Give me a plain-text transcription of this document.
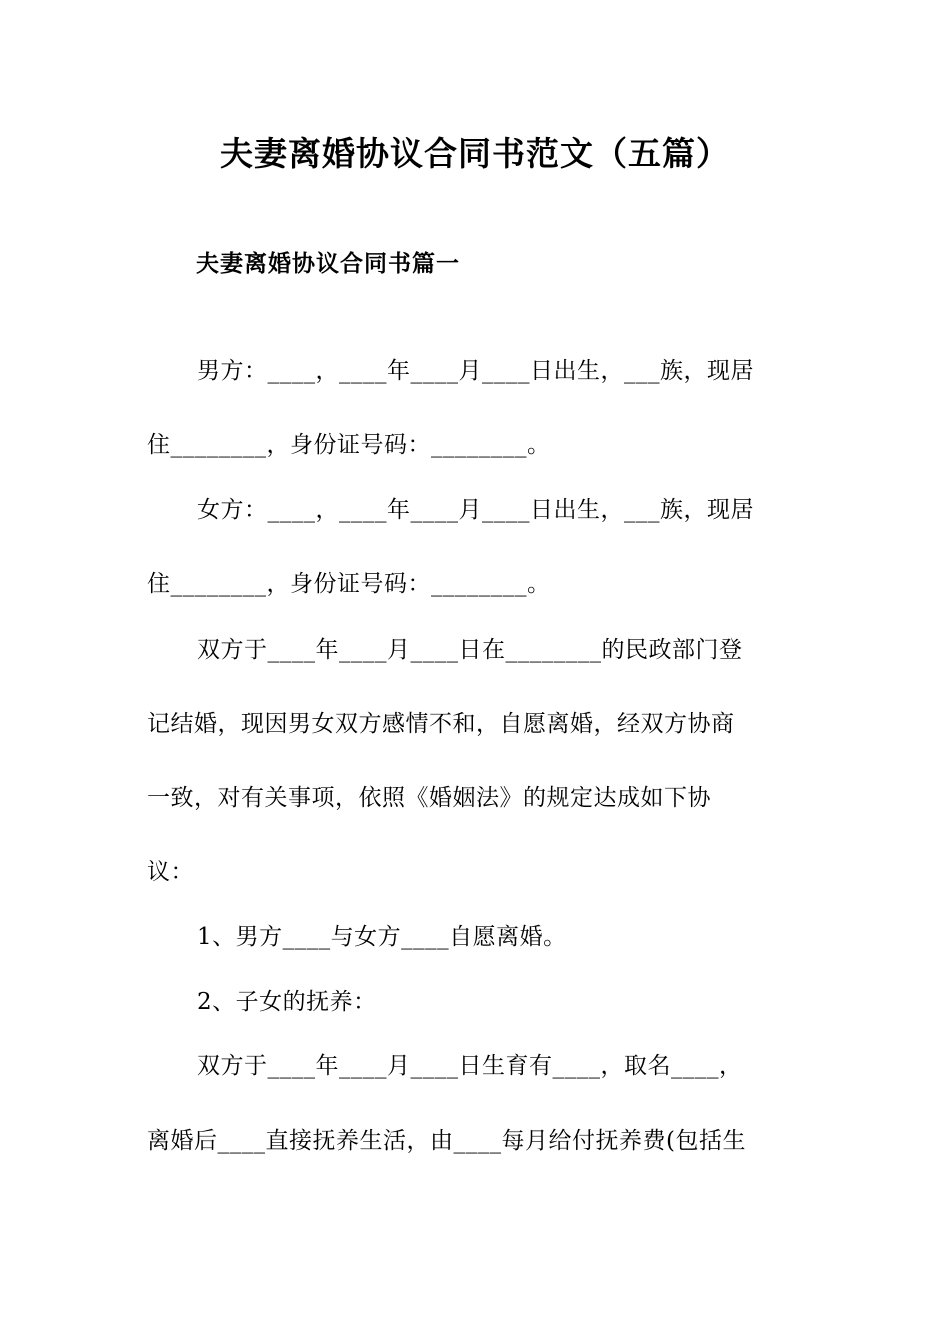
夫妻离婚协议合同书范文（五篇）
夫妻离婚协议合同书篇一
男方：____，____年____月____日出生，___族，现居
住________，身份证号码：________。
女方：____，____年____月____日出生，___族，现居
住________，身份证号码：________。
双方于____年____月____日在________的民政部门登
记结婚，现因男女双方感情不和，自愿离婚，经双方协商
一致，对有关事项，依照《婚姻法》的规定达成如下协
议：
1、男方____与女方____自愿离婚。
2、子女的抚养：
双方于____年____月____日生育有____，取名____，
离婚后____直接抚养生活，由____每月给付抚养费(包括生
